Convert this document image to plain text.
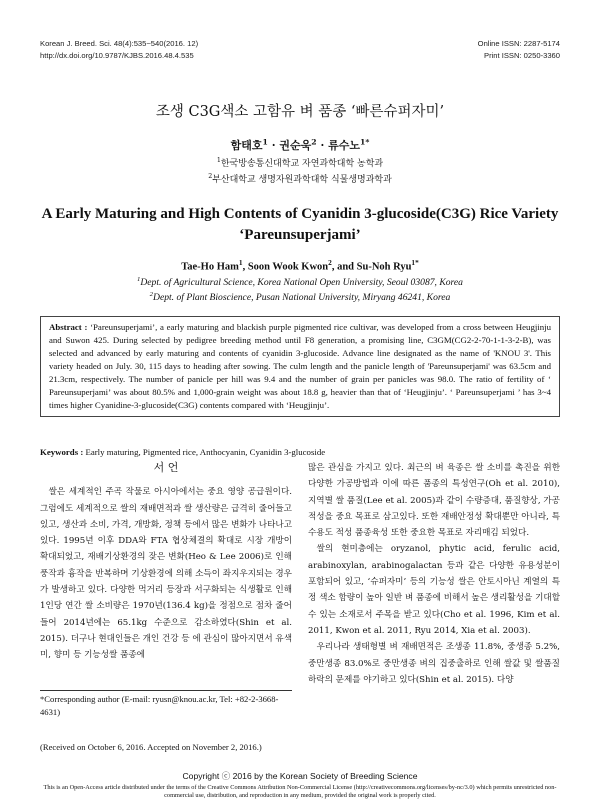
Korean J. Breed. Sci. 48(4):535~540(2016. 12)
http://dx.doi.org/10.9787/KJBS.2016.48.4.535
Online ISSN: 2287-5174
Print ISSN: 0250-3360
조생 C3G색소 고함유 벼 품종 ‘빠른슈퍼자미’
함태호$^1$ · 권순욱$^2$ · 류수노$^{1*}$
$^1$한국방송통신대학교 자연과학대학 농학과
$^2$부산대학교 생명자원과학대학 식물생명과학과
A Early Maturing and High Contents of Cyanidin 3-glucoside(C3G) Rice Variety ‘Pareunsuperjami’
Tae-Ho Ham$^1$, Soon Wook Kwon$^2$, and Su-Noh Ryu$^{1*}$
$^1$Dept. of Agricultural Science, Korea National Open University, Seoul 03087, Korea
$^2$Dept. of Plant Bioscience, Pusan National University, Miryang 46241, Korea
Abstract : ‘Pareunsuperjami’, a early maturing and blackish purple pigmented rice cultivar, was developed from a cross between Heugjinju and Suwon 425. During selected by pedigree breeding method until F8 generation, a promising line, C3GM(CG2-2-70-1-1-3-2-B), was selected and advanced by early maturing and contents of cyanidin 3-glucoside. Advance line designated as the name of 'KNOU 3'. This variety headed on July. 30, 115 days to heading after sowing. The culm length and the panicle length of 'Pareunsuperjami' was 63.5cm and 21.3cm, respectively. The number of panicle per hill was 9.4 and the number of grain per panicles was 98.0. The ratio of fertility of ‘ Pareunsuperjami’ was about 80.5% and 1,000-grain weight was about 18.8 g, heavier than that of ‘Heugjinju’. ‘ Pareunsuperjami ’ has 3~4 times higher Cyanidine-3-glucoside(C3G) contents compared with ‘Heugjinju’.
Keywords : Early maturing, Pigmented rice, Anthocyanin, Cyanidin 3-glucoside
서 언

쌀은 세계적인 주곡 작물로 아시아에서는 중요 영양 공급원이다. 그럼에도 세계적으로 쌀의 재배면적과 쌀 생산량은 급격히 줄어들고 있고, 생산과 소비, 가격, 개방화, 정책 등에서 많은 변화가 나타나고 있다. 1995년 이후 DDA와 FTA 협상체결의 확대로 시장 개방이 확대되었고, 재배기상환경의 잦은 변화(Heo & Lee 2006)로 인해 풍작과 흉작을 반복하며 기상환경에 의해 소득이 좌지우지되는 경우가 발생하고 있다. 다양한 먹거리 등장과 서구화되는 식생활로 인해 1인당 연간 쌀 소비량은 1970년(136.4 kg)을 정점으로 점차 줄어들어 2014년에는 65.1kg 수준으로 감소하였다(Shin et al. 2015). 더구나 현대인들은 개인 건강 등 에 관심이 많아지면서 유색미, 향미 등 기능성쌀 품종에

많은 관심을 가지고 있다. 최근의 벼 육종은 쌀 소비를 촉진을 위한 다양한 가공방법과 이에 따른 품종의 특성연구(Oh et al. 2010), 지역별 쌀 품질(Lee et al. 2005)과 같이 수량증대, 품질향상, 가공적성을 중요 목표로 삼고있다. 또한 재배안정성 확대뿐만 아니라, 특수용도 적성 품종육성 또한 중요한 목표로 자리매김 되었다.

쌀의 현미층에는 oryzanol, phytic acid, ferulic acid, arabinoxylan, arabinogalactan 등과 같은 다양한 유용성분이 포함되어 있고, ‘슈퍼자미’ 등의 기능성 쌀은 안토시아닌 계열의 특정 색소 함량이 높아 일반 벼 품종에 비해서 높은 생리활성을 기대할 수 있는 소재로서 주목을 받고 있다(Cho et al. 1996, Kim et al. 2011, Kwon et al. 2011, Ryu 2014, Xia et al. 2003).

우리나라 생태형별 벼 재배면적은 조생종 11.8%, 중생종 5.2%, 중만생종 83.0%로 중만생종 벼의 집중출하로 인해 쌀값 및 쌀품질 하락의 문제를 야기하고 있다(Shin et al. 2015). 다양

*Corresponding author (E-mail: ryusn@knou.ac.kr, Tel: +82-2-3668-4631)
(Received on October 6, 2016. Accepted on November 2, 2016.)
Copyright ⓒ 2016 by the Korean Society of Breeding Science
This is an Open-Access article distributed under the terms of the Creative Commons Attribution Non-Commercial License (http://creativecommons.org/licenses/by-nc/3.0) which permits unrestricted non-commercial use, distribution, and reproduction in any medium, provided the original work is properly cited.
